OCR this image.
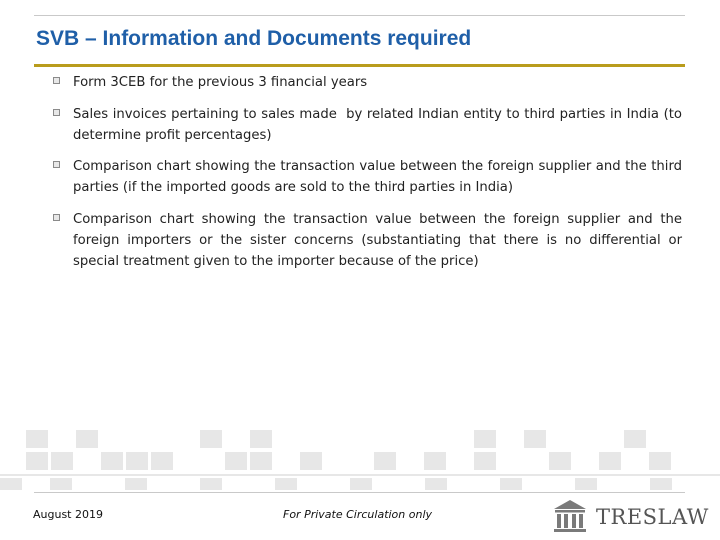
SVB – Information and Documents required
Form 3CEB for the previous 3 financial years
Sales invoices pertaining to sales made  by related Indian entity to third parties in India (to determine profit percentages)
Comparison chart showing the transaction value between the foreign supplier and the third parties (if the imported goods are sold to the third parties in India)
Comparison chart showing the transaction value between the foreign supplier and the foreign importers or the sister concerns (substantiating that there is no differential or special treatment given to the importer because of the price)
August 2019	For Private Circulation only	TRESLAW
